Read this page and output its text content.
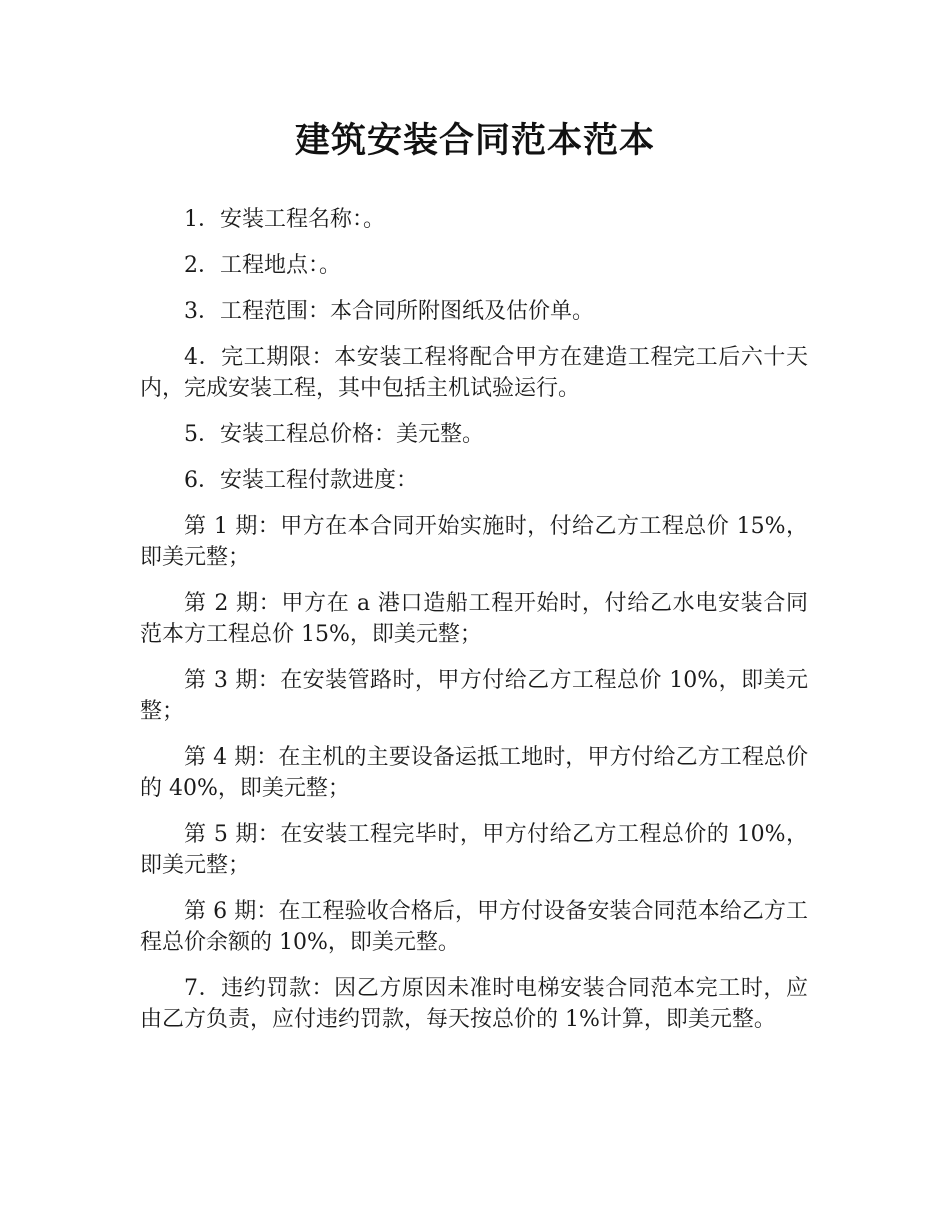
建筑安装合同范本范本

1．安装工程名称：。

2．工程地点：。

3．工程范围：本合同所附图纸及估价单。

4．完工期限：本安装工程将配合甲方在建造工程完工后六十天内，完成安装工程，其中包括主机试验运行。

5．安装工程总价格：美元整。

6．安装工程付款进度：

第 1 期：甲方在本合同开始实施时，付给乙方工程总价 15%，即美元整；

第 2 期：甲方在 a 港口造船工程开始时，付给乙水电安装合同范本方工程总价 15%，即美元整；

第 3 期：在安装管路时，甲方付给乙方工程总价 10%，即美元整；

第 4 期：在主机的主要设备运抵工地时，甲方付给乙方工程总价的 40%，即美元整；

第 5 期：在安装工程完毕时，甲方付给乙方工程总价的 10%，即美元整；

第 6 期：在工程验收合格后，甲方付设备安装合同范本给乙方工程总价余额的 10%，即美元整。

7．违约罚款：因乙方原因未准时电梯安装合同范本完工时，应由乙方负责，应付违约罚款，每天按总价的 1%计算，即美元整。
